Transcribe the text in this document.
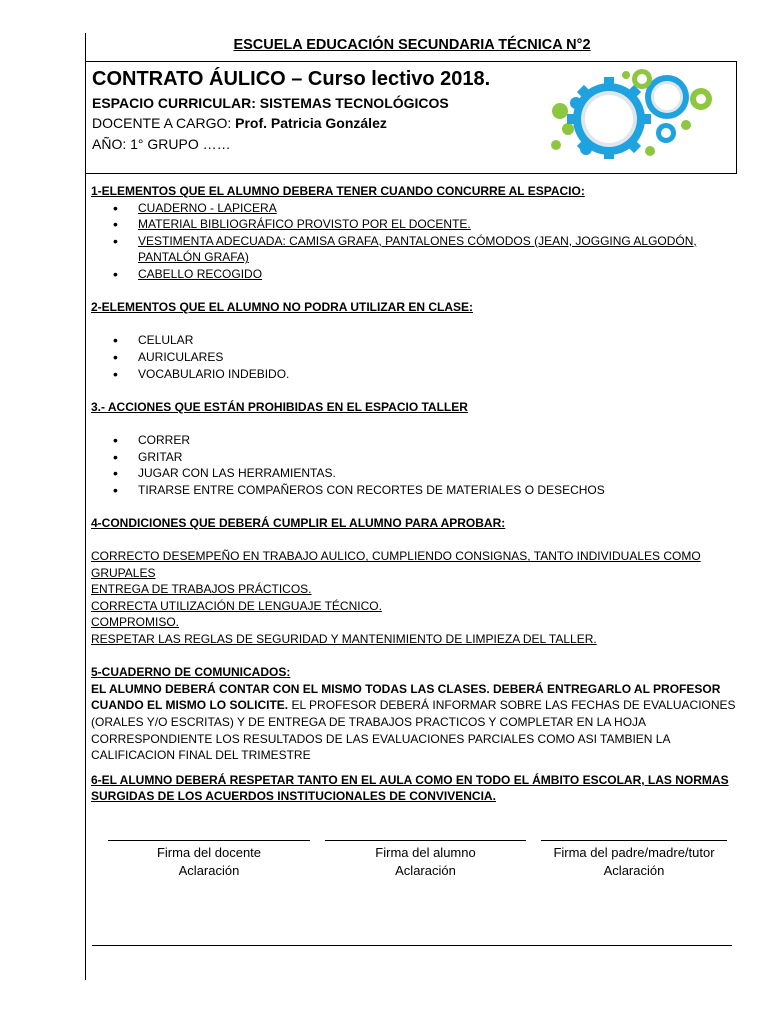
ESCUELA EDUCACIÓN SECUNDARIA TÉCNICA N°2
CONTRATO ÁULICO – Curso lectivo 2018.
ESPACIO CURRICULAR: SISTEMAS TECNOLÓGICOS
DOCENTE A CARGO: Prof. Patricia González
AÑO: 1° GRUPO ……

1-ELEMENTOS QUE EL ALUMNO DEBERA TENER CUANDO CONCURRE AL ESPACIO:

• CUADERNO - LAPICERA
• MATERIAL BIBLIOGRÁFICO PROVISTO POR EL DOCENTE.
• VESTIMENTA ADECUADA: CAMISA GRAFA, PANTALONES CÓMODOS (JEAN, JOGGING ALGODÓN, PANTALÓN GRAFA)
• CABELLO RECOGIDO

2-ELEMENTOS QUE EL ALUMNO NO PODRA UTILIZAR EN CLASE:

• CELULAR
• AURICULARES
• VOCABULARIO INDEBIDO.

3.- ACCIONES QUE ESTÁN PROHIBIDAS EN EL ESPACIO TALLER

• CORRER
• GRITAR
• JUGAR CON LAS HERRAMIENTAS.
• TIRARSE ENTRE COMPAÑEROS CON RECORTES DE MATERIALES O DESECHOS

4-CONDICIONES QUE DEBERÁ CUMPLIR EL ALUMNO PARA APROBAR:

CORRECTO DESEMPEÑO EN TRABAJO AULICO, CUMPLIENDO CONSIGNAS, TANTO INDIVIDUALES COMO GRUPALES

ENTREGA DE TRABAJOS PRÁCTICOS.

CORRECTA UTILIZACIÓN DE LENGUAJE TÉCNICO.

COMPROMISO.

RESPETAR LAS REGLAS DE SEGURIDAD Y MANTENIMIENTO DE LIMPIEZA DEL TALLER.

5-CUADERNO DE COMUNICADOS:

EL ALUMNO DEBERÁ CONTAR CON EL MISMO TODAS LAS CLASES. DEBERÁ ENTREGARLO AL PROFESOR CUANDO EL MISMO LO SOLICITE. EL PROFESOR DEBERÁ INFORMAR SOBRE LAS FECHAS DE EVALUACIONES (ORALES Y/O ESCRITAS) Y DE ENTREGA DE TRABAJOS PRACTICOS Y COMPLETAR EN LA HOJA CORRESPONDIENTE LOS RESULTADOS DE LAS EVALUACIONES PARCIALES COMO ASI TAMBIEN LA CALIFICACION FINAL DEL TRIMESTRE

6-EL ALUMNO DEBERÁ RESPETAR TANTO EN EL AULA COMO EN TODO EL ÁMBITO ESCOLAR, LAS NORMAS SURGIDAS DE LOS ACUERDOS INSTITUCIONALES DE CONVIVENCIA.

Firma del docente
Aclaración
Firma del alumno
Aclaración
Firma del padre/madre/tutor
Aclaración
